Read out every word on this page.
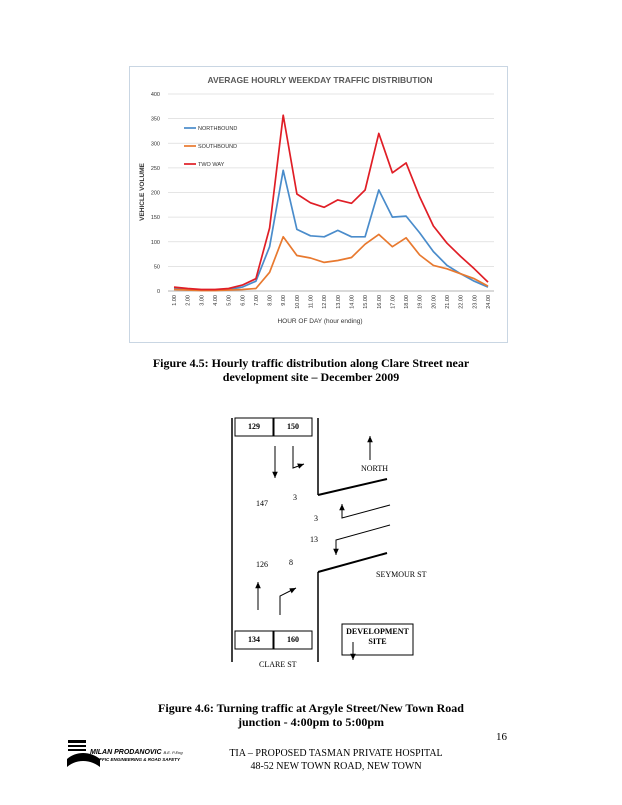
AVERAGE HOURLY WEEKDAY TRAFFIC DISTRIBUTION
0
50
100
150
200
250
300
350
400
1.00 2.00 3.00 4.00 5.00 6.00 7.00 8.00 9.00 10.00 11.00 12.00 13.00 14.00 15.00 16.00 17.00 18.00 19.00 20.00 21.00 22.00 23.00 24.00
HOUR OF DAY (hour ending)
VEHICLE VOLUME
NORTHBOUND
SOUTHBOUND
TWO WAY
Figure 4.5: Hourly traffic distribution along Clare Street near
development site – December 2009
129	150
134	160
NORTH
147
3
3
13
126	8
SEYMOUR ST
CLARE ST
DEVELOPMENT
SITE
Figure 4.6: Turning traffic at Argyle Street/New Town Road
junction - 4:00pm to 5:00pm
16
MILAN PRODANOVIC B.E. P.Eng
TRAFFIC ENGINEERING & ROAD SAFETY
TIA – PROPOSED TASMAN PRIVATE HOSPITAL
48-52 NEW TOWN ROAD, NEW TOWN
